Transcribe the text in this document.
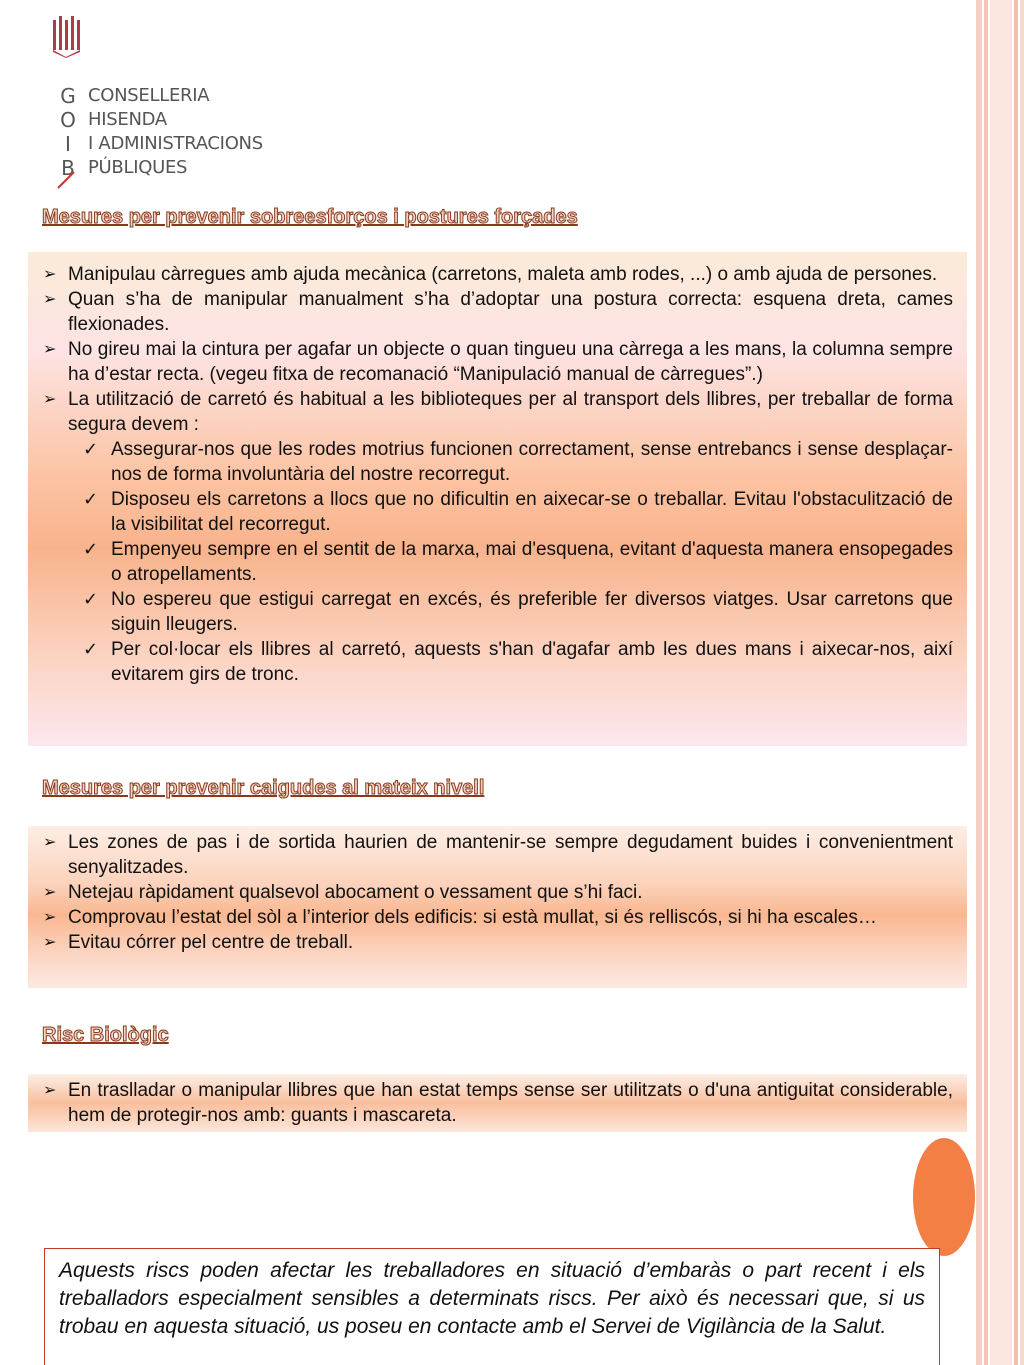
G
O
I
B
CONSELLERIA
HISENDA
I ADMINISTRACIONS
PÚBLIQUES
Mesures per prevenir sobreesforços i postures forçades
➢ Manipulau càrregues amb ajuda mecànica (carretons, maleta amb rodes, ...) o amb ajuda de persones.
➢ Quan s’ha de manipular manualment s’ha d’adoptar una postura correcta: esquena dreta, cames flexionades.
➢ No gireu mai la cintura per agafar un objecte o quan tingueu una càrrega a les mans, la columna sempre ha d’estar recta. (vegeu fitxa de recomanació “Manipulació manual de càrregues”.)
➢ La utilització de carretó és habitual a les biblioteques per al transport dels llibres, per treballar de forma segura devem :
✓ Assegurar-nos que les rodes motrius funcionen correctament, sense entrebancs i sense desplaçar-nos de forma involuntària del nostre recorregut.
✓ Disposeu els carretons a llocs que no dificultin en aixecar-se o treballar. Evitau l'obstaculització de la visibilitat del recorregut.
✓ Empenyeu sempre en el sentit de la marxa, mai d'esquena, evitant d'aquesta manera ensopegades o atropellaments.
✓ No espereu que estigui carregat en excés, és preferible fer diversos viatges. Usar carretons que siguin lleugers.
✓ Per col·locar els llibres al carretó, aquests s'han d'agafar amb les dues mans i aixecar-nos, així evitarem girs de tronc.
Mesures per prevenir caigudes al mateix nivell
➢ Les zones de pas i de sortida haurien de mantenir-se sempre degudament buides i convenientment senyalitzades.
➢ Netejau ràpidament qualsevol abocament o vessament que s’hi faci.
➢ Comprovau l’estat del sòl a l’interior dels edificis: si està mullat, si és relliscós, si hi ha escales…
➢ Evitau córrer pel centre de treball.
Risc Biològic
➢ En traslladar o manipular llibres que han estat temps sense ser utilitzats o d'una antiguitat considerable, hem de protegir-nos amb: guants i mascareta.
Aquests riscs poden afectar les treballadores en situació d’embaràs o part recent i els treballadors especialment sensibles a determinats riscs. Per això és necessari que, si us trobau en aquesta situació, us poseu en contacte amb el Servei de Vigilància de la Salut.
